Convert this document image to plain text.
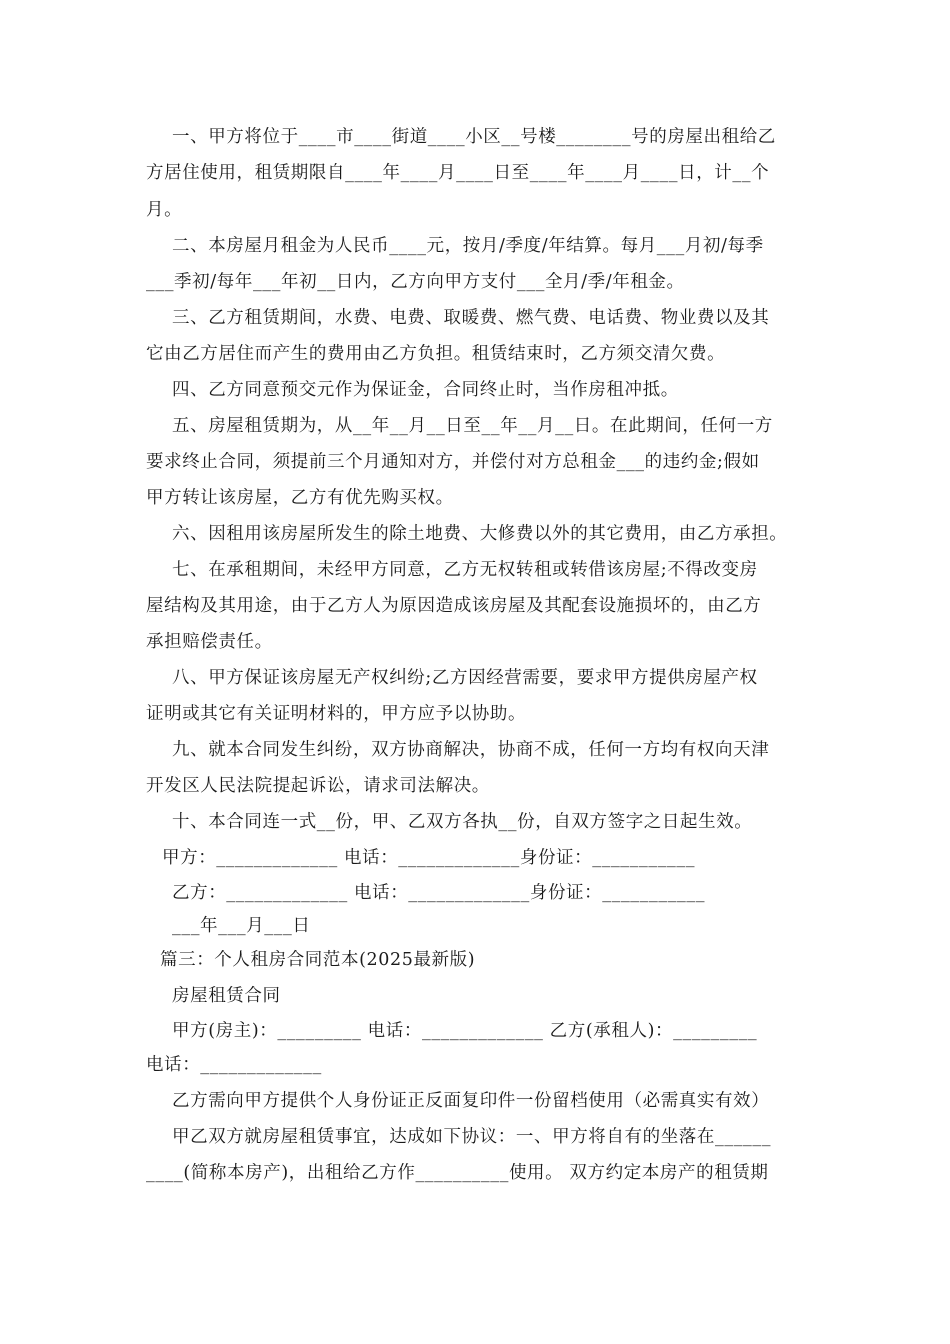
一、甲方将位于____市____街道____小区__号楼________号的房屋出租给乙
方居住使用，租赁期限自____年____月____日至____年____月____日，计__个
月。
二、本房屋月租金为人民币____元，按月/季度/年结算。每月___月初/每季
___季初/每年___年初__日内，乙方向甲方支付___全月/季/年租金。
三、乙方租赁期间，水费、电费、取暖费、燃气费、电话费、物业费以及其
它由乙方居住而产生的费用由乙方负担。租赁结束时，乙方须交清欠费。
四、乙方同意预交元作为保证金，合同终止时，当作房租冲抵。
五、房屋租赁期为，从__年__月__日至__年__月__日。在此期间，任何一方
要求终止合同，须提前三个月通知对方，并偿付对方总租金___的违约金;假如
甲方转让该房屋，乙方有优先购买权。
六、因租用该房屋所发生的除土地费、大修费以外的其它费用，由乙方承担。
七、在承租期间，未经甲方同意，乙方无权转租或转借该房屋;不得改变房
屋结构及其用途，由于乙方人为原因造成该房屋及其配套设施损坏的，由乙方
承担赔偿责任。
八、甲方保证该房屋无产权纠纷;乙方因经营需要，要求甲方提供房屋产权
证明或其它有关证明材料的，甲方应予以协助。
九、就本合同发生纠纷，双方协商解决，协商不成，任何一方均有权向天津
开发区人民法院提起诉讼，请求司法解决。
十、本合同连一式__份，甲、乙双方各执__份，自双方签字之日起生效。
甲方：_____________ 电话：_____________身份证：___________
乙方：_____________ 电话：_____________身份证：___________
___年___月___日
篇三：个人租房合同范本(2025最新版)
房屋租赁合同
甲方(房主)：_________ 电话：_____________ 乙方(承租人)：_________
电话：_____________
乙方需向甲方提供个人身份证正反面复印件一份留档使用（必需真实有效）
甲乙双方就房屋租赁事宜，达成如下协议：一、甲方将自有的坐落在______
____(简称本房产)，出租给乙方作__________使用。 双方约定本房产的租赁期
